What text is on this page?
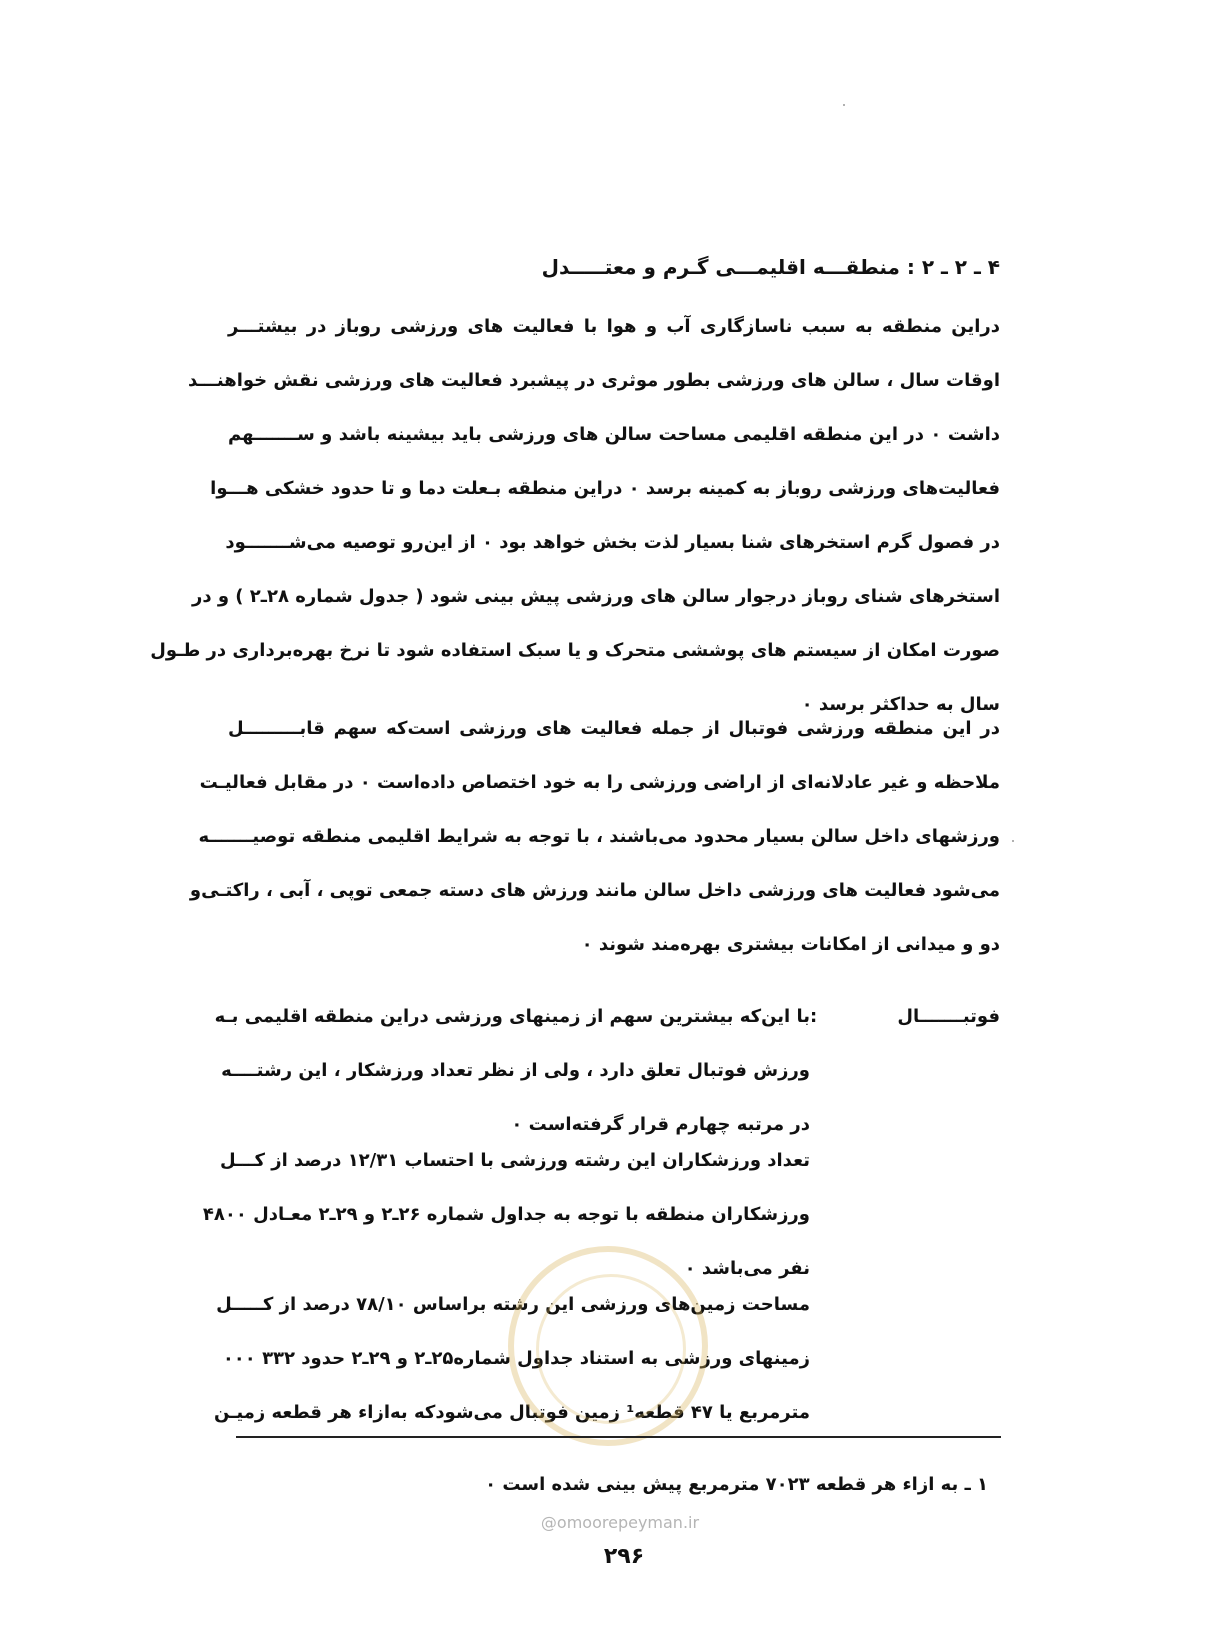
۴ ـ ۲ ـ ۲ : منطقـــه اقلیمـــی گـرم و معتـــــدل
دراین منطقه به سبب ناسازگاری آب و هوا با فعالیت های ورزشی روباز در بیشتـــر
اوقات سال ، سالن های ورزشی بطور موثری در پیشبرد فعالیت های ورزشی نقش خواهنـــد
داشت ۰ در این منطقه اقلیمی مساحت سالن های ورزشی باید بیشینه باشد و ســـــــهم
فعالیت‌های ورزشی روباز به کمینه برسد ۰ دراین منطقه بـعلت دما و تا حدود خشکی هـــوا
در فصول گرم استخرهای شنا بسیار لذت بخش خواهد بود ۰ از این‌رو توصیه می‌شـــــــود
استخرهای شنای روباز درجوار سالن های ورزشی پیش بینی شود ( جدول شماره ۲۸ـ۲ ) و در
صورت امکان از سیستم های پوششی متحرک و یا سبک استفاده شود تا نرخ بهره‌برداری در طـول
سال به حداکثر برسد ۰
در این منطقه ورزشی فوتبال از جمله فعالیت های ورزشی است‌که سهم قابـــــــــل
ملاحظه و غیر عادلانه‌ای از اراضی ورزشی را به خود اختصاص داده‌است ۰ در مقابل فعالیـت
ورزشهای داخل سالن بسیار محدود می‌باشند ، با توجه به شرایط اقلیمی منطقه توصیـــــــه
می‌شود فعالیت های ورزشی داخل سالن مانند ورزش های دسته جمعی توپی ، آبی ، راکتـی‌و
دو و میدانی از امکانات بیشتری بهره‌مند شوند ۰
فوتبـــــــال :
با این‌که بیشترین سهم از زمینهای ورزشی دراین منطقه اقلیمی بـه
ورزش فوتبال تعلق دارد ، ولی از نظر تعداد ورزشکار ، این رشتــــه
در مرتبه چهارم قرار گرفته‌است ۰
تعداد ورزشکاران این رشته ورزشی با احتساب ۱۲/۳۱ درصد از کـــل
ورزشکاران منطقه با توجه به جداول شماره ۲۶ـ۲ و ۲۹ـ۲ معـادل ۴۸۰۰
نفر می‌باشد ۰
مساحت زمین‌های ورزشی این رشته براساس ۷۸/۱۰ درصد از کـــــل
زمینهای ورزشی به استناد جداول شماره۲۵ـ۲ و ۲۹ـ۲ حدود ۳۳۲ ۰۰۰
مترمربع یا ۴۷ قطعه¹ زمین فوتبال می‌شود‌که به‌ازاء هر قطعه زمیـن
۱ ـ به ازاء هر قطعه ۷۰۲۳ مترمربع پیش بینی شده است ۰
@omoorepeyman.ir
۲۹۶
